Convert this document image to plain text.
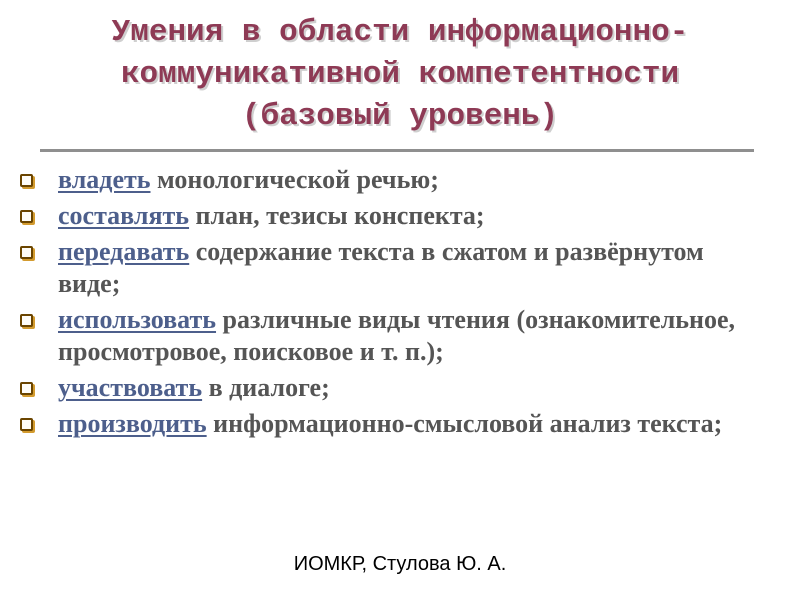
Умения в области информационно-
коммуникативной компетентности
(базовый уровень)
владеть монологической речью;
составлять план, тезисы конспекта;
передавать содержание текста в сжатом и развёрнутом виде;
использовать различные виды чтения (ознакомительное, просмотровое, поисковое и т. п.);
участвовать в диалоге;
производить информационно-смысловой анализ текста;
ИОМКР, Стулова Ю. А.
